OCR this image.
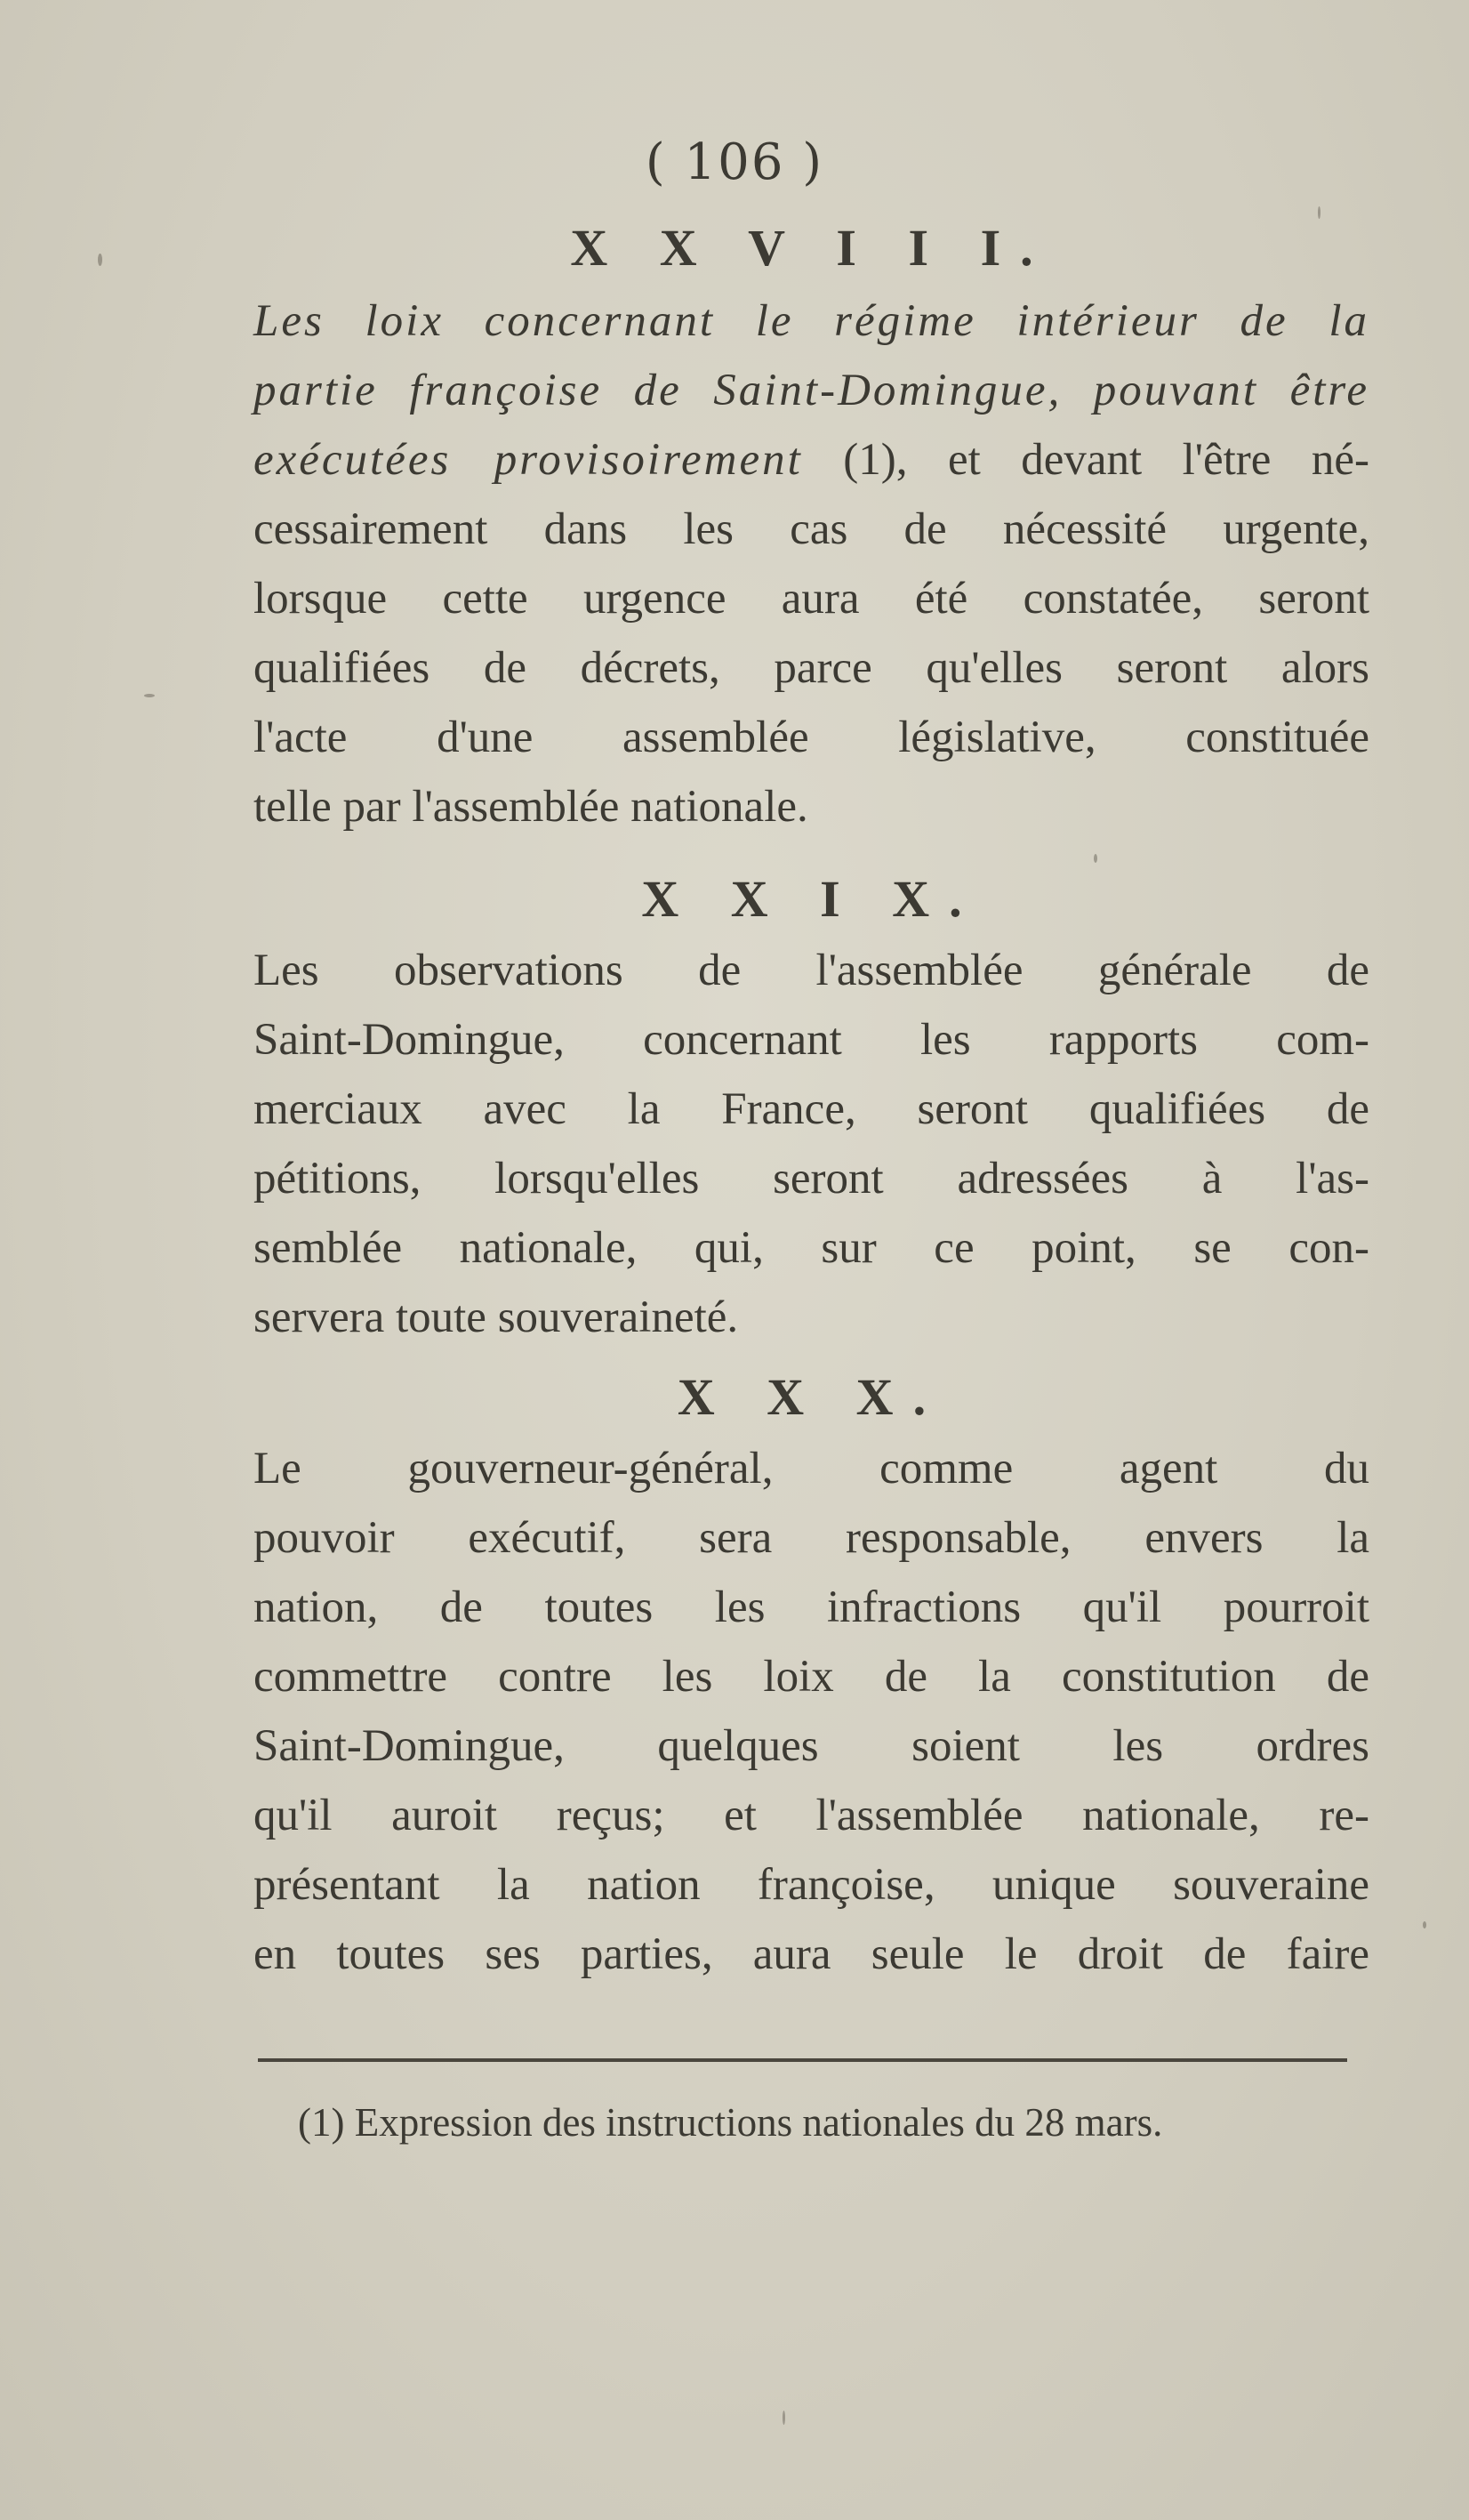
( 106 )
X X V I I I.
Les loix concernant le régime intérieur de la
partie françoise de Saint-Domingue, pouvant être
exécutées provisoirement (1), et devant l'être né-
cessairement dans les cas de nécessité urgente,
lorsque cette urgence aura été constatée, seront
qualifiées de décrets, parce qu'elles seront alors
l'acte d'une assemblée législative, constituée
telle par l'assemblée nationale.
X X I X.
Les observations de l'assemblée générale de
Saint-Domingue, concernant les rapports com-
merciaux avec la France, seront qualifiées de
pétitions, lorsqu'elles seront adressées à l'as-
semblée nationale, qui, sur ce point, se con-
servera toute souveraineté.
X X X.
Le gouverneur-général, comme agent du
pouvoir exécutif, sera responsable, envers la
nation, de toutes les infractions qu'il pourroit
commettre contre les loix de la constitution de
Saint-Domingue, quelques soient les ordres
qu'il auroit reçus; et l'assemblée nationale, re-
présentant la nation françoise, unique souveraine
en toutes ses parties, aura seule le droit de faire
(1) Expression des instructions nationales du 28 mars.
